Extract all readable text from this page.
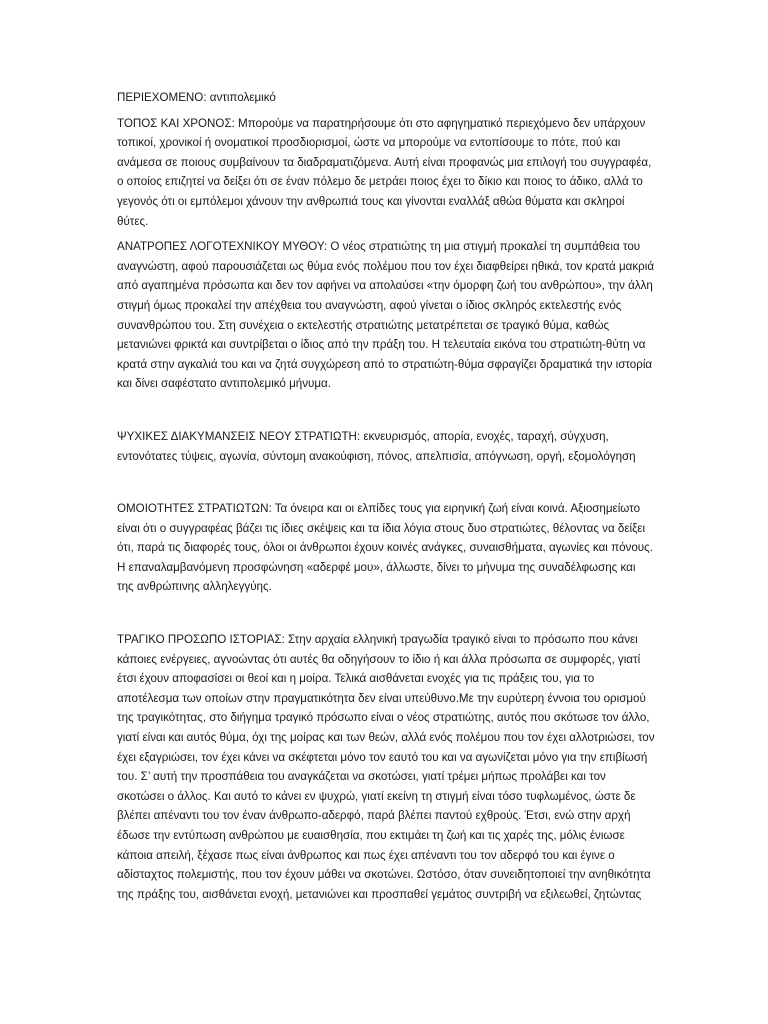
ΠΕΡΙΕΧΟΜΕΝΟ: αντιπολεμικό

ΤΟΠΟΣ ΚΑΙ ΧΡΟΝΟΣ: Μπορούμε να παρατηρήσουμε ότι στο αφηγηματικό περιεχόμενο δεν υπάρχουν τοπικοί, χρονικοί ή ονοματικοί προσδιορισμοί, ώστε να μπορούμε να εντοπίσουμε το πότε, πού και ανάμεσα σε ποιους συμβαίνουν τα διαδραματιζόμενα. Αυτή είναι προφανώς μια επιλογή του συγγραφέα, ο οποίος επιζητεί να δείξει ότι σε έναν πόλεμο δε μετράει ποιος έχει το δίκιο και ποιος το άδικο, αλλά το γεγονός ότι οι εμπόλεμοι χάνουν την ανθρωπιά τους και γίνονται εναλλάξ αθώα θύματα και σκληροί θύτες.

ΑΝΑΤΡΟΠΕΣ ΛΟΓΟΤΕΧΝΙΚΟΥ ΜΥΘΟΥ: Ο νέος στρατιώτης τη μια στιγμή προκαλεί τη συμπάθεια του αναγνώστη, αφού παρουσιάζεται ως θύμα ενός πολέμου που τον έχει διαφθείρει ηθικά, τον κρατά μακριά από αγαπημένα πρόσωπα και δεν τον αφήνει να απολαύσει «την όμορφη ζωή του ανθρώπου», την άλλη στιγμή όμως προκαλεί την απέχθεια του αναγνώστη, αφού γίνεται ο ίδιος σκληρός εκτελεστής ενός συνανθρώπου του. Στη συνέχεια ο εκτελεστής στρατιώτης μετατρέπεται σε τραγικό θύμα, καθώς μετανιώνει φρικτά και συντρίβεται ο ίδιος από την πράξη του. Η τελευταία εικόνα του στρατιώτη-θύτη να κρατά στην αγκαλιά του και να ζητά συγχώρεση από το στρατιώτη-θύμα σφραγίζει δραματικά την ιστορία και δίνει σαφέστατο αντιπολεμικό μήνυμα.

ΨΥΧΙΚΕΣ ΔΙΑΚΥΜΑΝΣΕΙΣ ΝΕΟΥ ΣΤΡΑΤΙΩΤΗ: εκνευρισμός, απορία, ενοχές, ταραχή, σύγχυση, εντονότατες τύψεις, αγωνία, σύντομη ανακούφιση, πόνος, απελπισία, απόγνωση, οργή, εξομολόγηση

ΟΜΟΙΟΤΗΤΕΣ ΣΤΡΑΤΙΩΤΩΝ: Τα όνειρα και οι ελπίδες τους για ειρηνική ζωή είναι κοινά. Αξιοσημείωτο είναι ότι ο συγγραφέας βάζει τις ίδιες σκέψεις και τα ίδια λόγια στους δυο στρατιώτες, θέλοντας να δείξει ότι, παρά τις διαφορές τους, όλοι οι άνθρωποι έχουν κοινές ανάγκες, συναισθήματα, αγωνίες και πόνους. Η επαναλαμβανόμενη προσφώνηση «αδερφέ μου», άλλωστε, δίνει το μήνυμα της συναδέλφωσης και της ανθρώπινης αλληλεγγύης.

ΤΡΑΓΙΚΟ ΠΡΟΣΩΠΟ ΙΣΤΟΡΙΑΣ: Στην αρχαία ελληνική τραγωδία τραγικό είναι το πρόσωπο που κάνει κάποιες ενέργειες, αγνοώντας ότι αυτές θα οδηγήσουν το ίδιο ή και άλλα πρόσωπα σε συμφορές, γιατί έτσι έχουν αποφασίσει οι θεοί και η μοίρα. Τελικά αισθάνεται ενοχές για τις πράξεις του, για το αποτέλεσμα των οποίων στην πραγματικότητα δεν είναι υπεύθυνο.Με την ευρύτερη έννοια του ορισμού της τραγικότητας, στο διήγημα τραγικό πρόσωπο είναι ο νέος στρατιώτης, αυτός που σκότωσε τον άλλο, γιατί είναι και αυτός θύμα, όχι της μοίρας και των θεών, αλλά ενός πολέμου που τον έχει αλλοτριώσει, τον έχει εξαγριώσει, τον έχει κάνει να σκέφτεται μόνο τον εαυτό του και να αγωνίζεται μόνο για την επιβίωσή του. Σ’ αυτή την προσπάθεια του αναγκάζεται να σκοτώσει, γιατί τρέμει μήπως προλάβει και τον σκοτώσει ο άλλος. Και αυτό το κάνει εν ψυχρώ, γιατί εκείνη τη στιγμή είναι τόσο τυφλωμένος, ώστε δε βλέπει απέναντι του τον έναν άνθρωπο-αδερφό, παρά βλέπει παντού εχθρούς. Έτσι, ενώ στην αρχή έδωσε την εντύπωση ανθρώπου με ευαισθησία, που εκτιμάει τη ζωή και τις χαρές της, μόλις ένιωσε κάποια απειλή, ξέχασε πως είναι άνθρωπος και πως έχει απέναντι του τον αδερφό του και έγινε ο αδίσταχτος πολεμιστής, που τον έχουν μάθει να σκοτώνει. Ωστόσο, όταν συνειδητοποιεί την ανηθικότητα της πράξης του, αισθάνεται ενοχή, μετανιώνει και προσπαθεί γεμάτος συντριβή να εξιλεωθεί, ζητώντας
